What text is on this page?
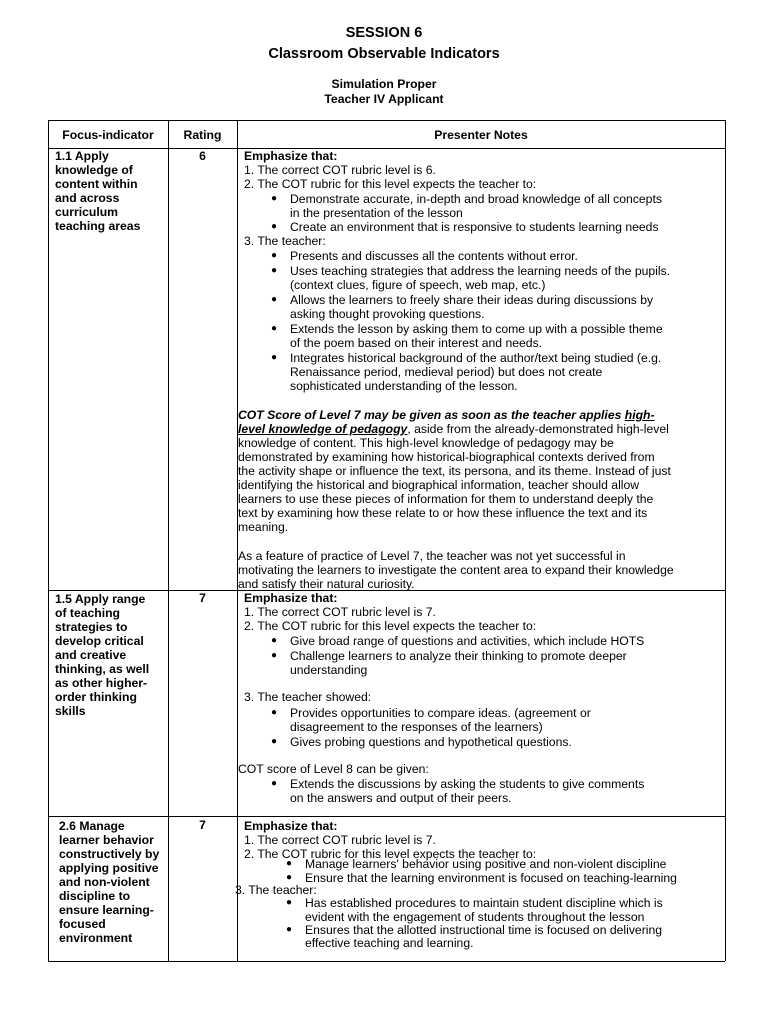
SESSION 6
Classroom Observable Indicators
Simulation Proper
Teacher IV Applicant
Focus-indicator	Rating	Presenter Notes
1.1 Apply
knowledge of
content within
and across
curriculum
teaching areas
6	Emphasize that:
1. The correct COT rubric level is 6.
2. The COT rubric for this level expects the teacher to:
● Demonstrate accurate, in-depth and broad knowledge of all concepts
in the presentation of the lesson
● Create an environment that is responsive to students learning needs
3. The teacher:
● Presents and discusses all the contents without error.
● Uses teaching strategies that address the learning needs of the pupils.
(context clues, figure of speech, web map, etc.)
● Allows the learners to freely share their ideas during discussions by
asking thought provoking questions.
● Extends the lesson by asking them to come up with a possible theme
of the poem based on their interest and needs.
● Integrates historical background of the author/text being studied (e.g.
Renaissance period, medieval period) but does not create
sophisticated understanding of the lesson.
COT Score of Level 7 may be given as soon as the teacher applies high-
level knowledge of pedagogy, aside from the already-demonstrated high-level
knowledge of content. This high-level knowledge of pedagogy may be
demonstrated by examining how historical-biographical contexts derived from
the activity shape or influence the text, its persona, and its theme. Instead of just
identifying the historical and biographical information, teacher should allow
learners to use these pieces of information for them to understand deeply the
text by examining how these relate to or how these influence the text and its
meaning.
As a feature of practice of Level 7, the teacher was not yet successful in
motivating the learners to investigate the content area to expand their knowledge
and satisfy their natural curiosity.
1.5 Apply range
of teaching
strategies to
develop critical
and creative
thinking, as well
as other higher-
order thinking
skills
7	Emphasize that:
1. The correct COT rubric level is 7.
2. The COT rubric for this level expects the teacher to:
● Give broad range of questions and activities, which include HOTS
● Challenge learners to analyze their thinking to promote deeper
understanding
3. The teacher showed:
● Provides opportunities to compare ideas. (agreement or
disagreement to the responses of the learners)
● Gives probing questions and hypothetical questions.
COT score of Level 8 can be given:
● Extends the discussions by asking the students to give comments
on the answers and output of their peers.
2.6 Manage
learner behavior
constructively by
applying positive
and non-violent
discipline to
ensure learning-
focused
environment
7	Emphasize that:
1. The correct COT rubric level is 7.
2. The COT rubric for this level expects the teacher to:
● Manage learners' behavior using positive and non-violent discipline
● Ensure that the learning environment is focused on teaching-learning
3. The teacher:
● Has established procedures to maintain student discipline which is
evident with the engagement of students throughout the lesson
● Ensures that the allotted instructional time is focused on delivering
effective teaching and learning.
